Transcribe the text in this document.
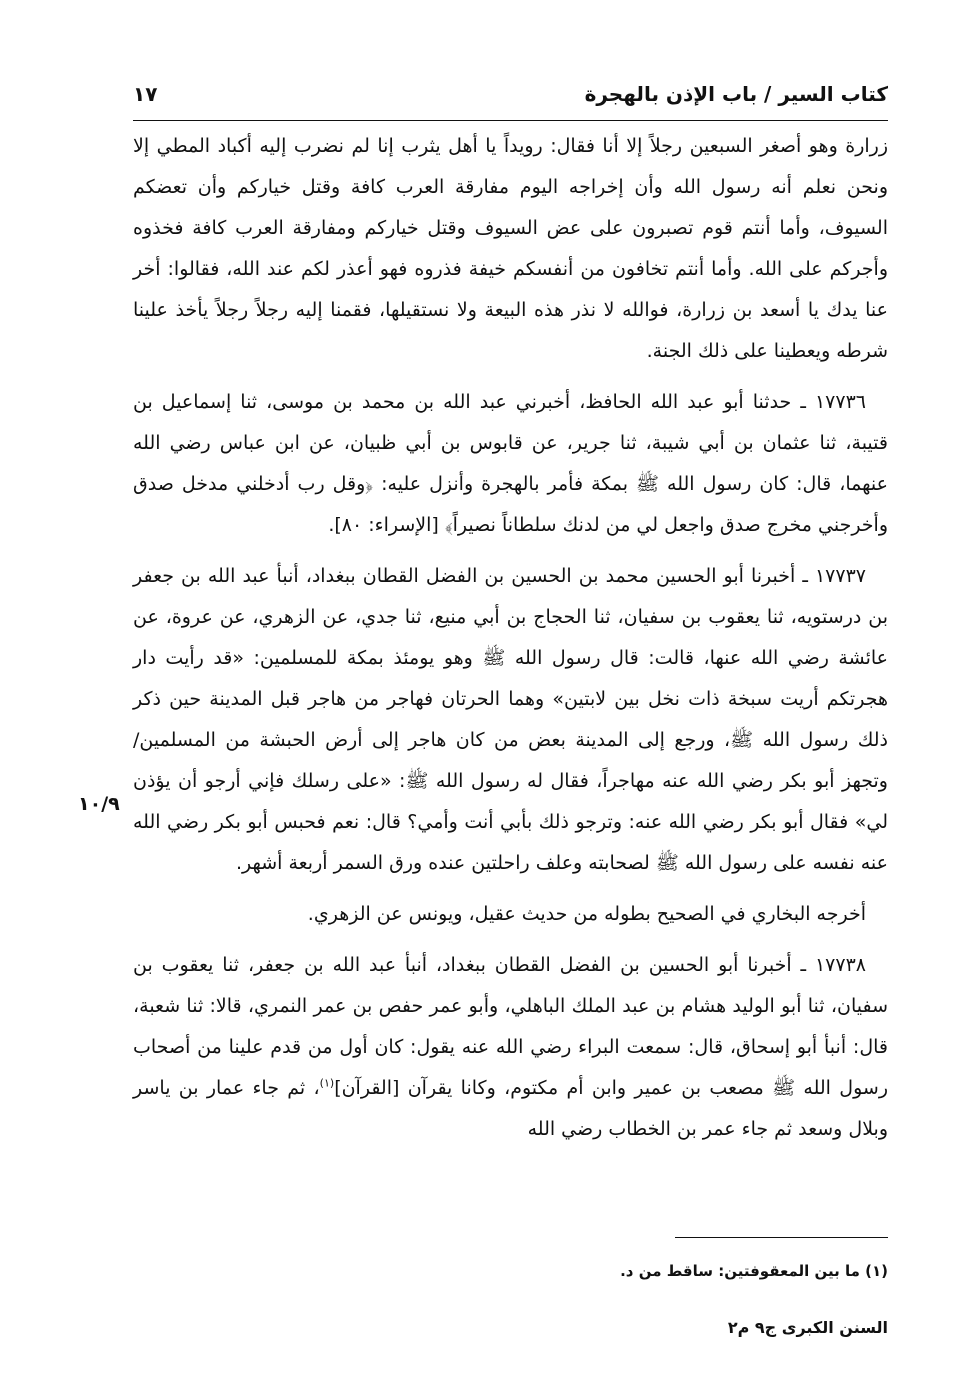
كتاب السير / باب الإذن بالهجرة
١٧

زرارة وهو أصغر السبعين رجلاً إلا أنا فقال: رويداً يا أهل يثرب إنا لم نضرب إليه أكباد المطي إلا ونحن نعلم أنه رسول الله وأن إخراجه اليوم مفارقة العرب كافة وقتل خياركم وأن تعضكم السيوف، وأما أنتم قوم تصبرون على عض السيوف وقتل خياركم ومفارقة العرب كافة فخذوه وأجركم على الله. وأما أنتم تخافون من أنفسكم خيفة فذروه فهو أعذر لكم عند الله، فقالوا: أخر عنا يدك يا أسعد بن زرارة، فوالله لا نذر هذه البيعة ولا نستقيلها، فقمنا إليه رجلاً رجلاً يأخذ علينا شرطه ويعطينا على ذلك الجنة.

١٧٧٣٦ ـ حدثنا أبو عبد الله الحافظ، أخبرني عبد الله بن محمد بن موسى، ثنا إسماعيل بن قتيبة، ثنا عثمان بن أبي شيبة، ثنا جرير، عن قابوس بن أبي ظبيان، عن ابن عباس رضي الله عنهما، قال: كان رسول الله ﷺ بمكة فأمر بالهجرة وأنزل عليه: ﴿وقل رب أدخلني مدخل صدق وأخرجني مخرج صدق واجعل لي من لدنك سلطاناً نصيراً﴾ [الإسراء: ٨٠].

١٧٧٣٧ ـ أخبرنا أبو الحسين محمد بن الحسين بن الفضل القطان ببغداد، أنبأ عبد الله بن جعفر بن درستويه، ثنا يعقوب بن سفيان، ثنا الحجاج بن أبي منيع، ثنا جدي، عن الزهري، عن عروة، عن عائشة رضي الله عنها، قالت: قال رسول الله ﷺ وهو يومئذ بمكة للمسلمين: «قد رأيت دار هجرتكم أريت سبخة ذات نخل بين لابتين» وهما الحرتان فهاجر من هاجر قبل المدينة حين ذكر ذلك رسول الله ﷺ، ورجع إلى المدينة بعض من كان هاجر إلى أرض الحبشة من المسلمين/ وتجهز أبو بكر رضي الله عنه مهاجراً، فقال له رسول الله ﷺ: «على رسلك فإني أرجو أن يؤذن لي» فقال أبو بكر رضي الله عنه: وترجو ذلك بأبي أنت وأمي؟ قال: نعم فحبس أبو بكر رضي الله عنه نفسه على رسول الله ﷺ لصحابته وعلف راحلتين عنده ورق السمر أربعة أشهر.

أخرجه البخاري في الصحيح بطوله من حديث عقيل، ويونس عن الزهري.

١٧٧٣٨ ـ أخبرنا أبو الحسين بن الفضل القطان ببغداد، أنبأ عبد الله بن جعفر، ثنا يعقوب بن سفيان، ثنا أبو الوليد هشام بن عبد الملك الباهلي، وأبو عمر حفص بن عمر النمري، قالا: ثنا شعبة، قال: أنبأ أبو إسحاق، قال: سمعت البراء رضي الله عنه يقول: كان أول من قدم علينا من أصحاب رسول الله ﷺ مصعب بن عمير وابن أم مكتوم، وكانا يقرآن [القرآن]$^{(١)}$، ثم جاء عمار بن ياسر وبلال وسعد ثم جاء عمر بن الخطاب رضي الله

١٠/٩
(١) ما بين المعقوفتين: ساقط من د.
السنن الكبرى ج٩ م٢
